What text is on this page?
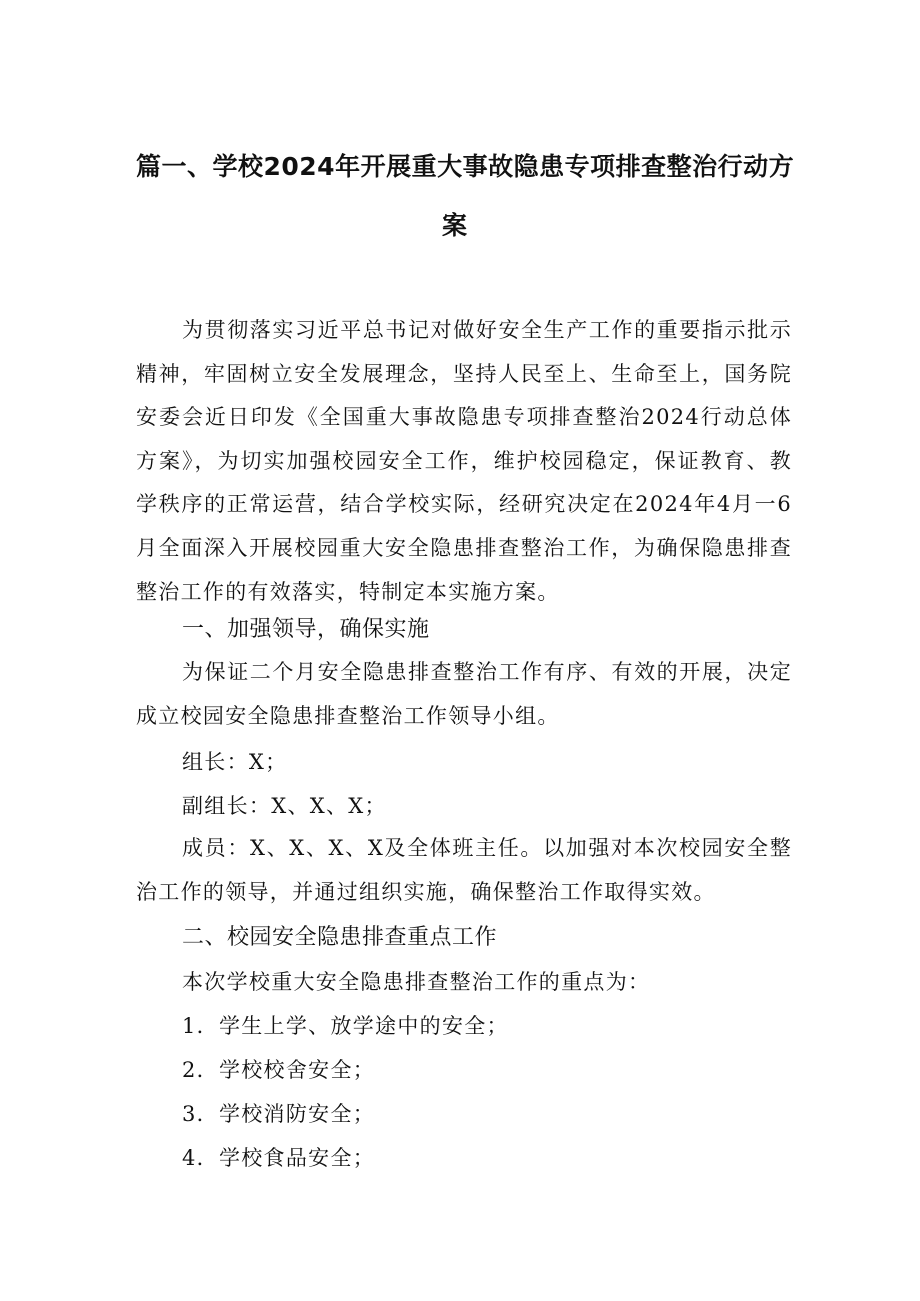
篇一、学校2024年开展重大事故隐患专项排查整治行动方
案
为贯彻落实习近平总书记对做好安全生产工作的重要指示批示精神，牢固树立安全发展理念，坚持人民至上、生命至上，国务院安委会近日印发《全国重大事故隐患专项排查整治2024行动总体方案》，为切实加强校园安全工作，维护校园稳定，保证教育、教学秩序的正常运营，结合学校实际，经研究决定在2024年4月一6月全面深入开展校园重大安全隐患排查整治工作，为确保隐患排查整治工作的有效落实，特制定本实施方案。
一、加强领导，确保实施
为保证二个月安全隐患排查整治工作有序、有效的开展，决定成立校园安全隐患排查整治工作领导小组。
组长：X；
副组长：X、X、X；
成员：X、X、X、X及全体班主任。以加强对本次校园安全整治工作的领导，并通过组织实施，确保整治工作取得实效。
二、校园安全隐患排查重点工作
本次学校重大安全隐患排查整治工作的重点为：
1．学生上学、放学途中的安全；
2．学校校舍安全；
3．学校消防安全；
4．学校食品安全；
